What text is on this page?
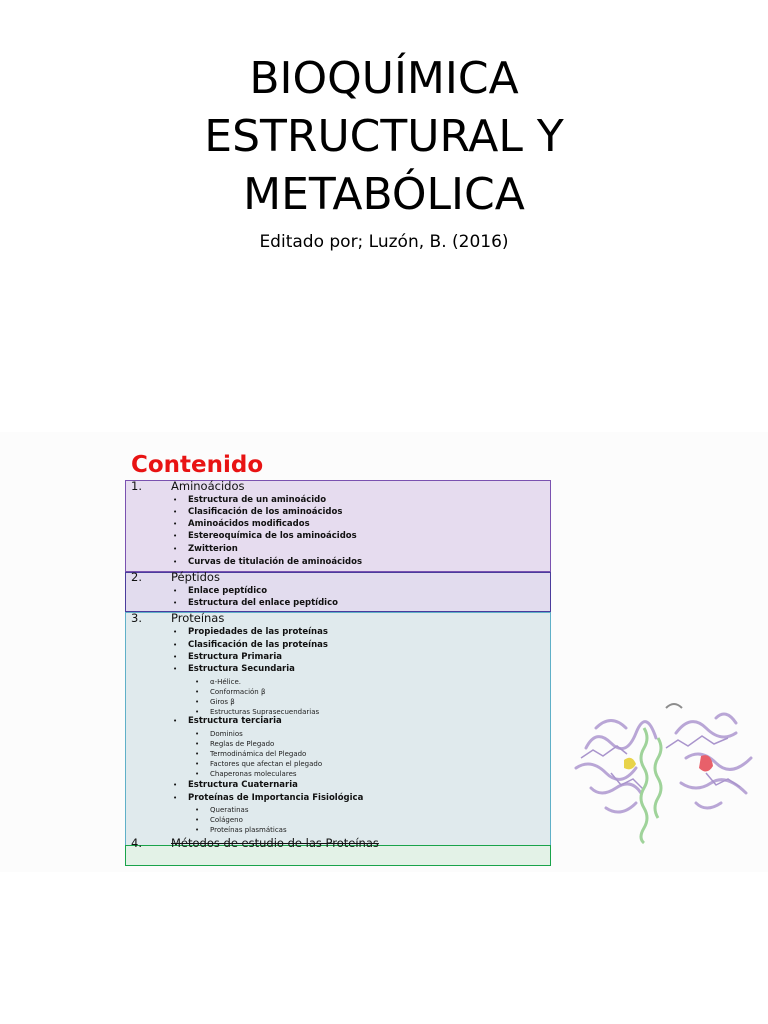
BIOQUÍMICA
ESTRUCTURAL Y
METABÓLICA
Editado por; Luzón, B. (2016)
Contenido
1.	Aminoácidos
• Estructura de un aminoácido
• Clasificación de los aminoácidos
• Aminoácidos modificados
• Estereoquímica de los aminoácidos
• Zwitterion
• Curvas de titulación de aminoácidos
2.	Péptidos
• Enlace peptídico
• Estructura del enlace peptídico
3.	Proteínas
• Propiedades de las proteínas
• Clasificación de las proteínas
• Estructura Primaria
• Estructura Secundaria
• α-Hélice.
• Conformación β
• Giros β
• Estructuras Suprasecuendarias
• Estructura terciaria
• Dominios
• Reglas de Plegado
• Termodinámica del Plegado
• Factores que afectan el plegado
• Chaperonas moleculares
• Estructura Cuaternaria
• Proteínas de Importancia Fisiológica
• Queratinas
• Colágeno
• Proteínas plasmáticas
4.	Métodos de estudio de las Proteínas
